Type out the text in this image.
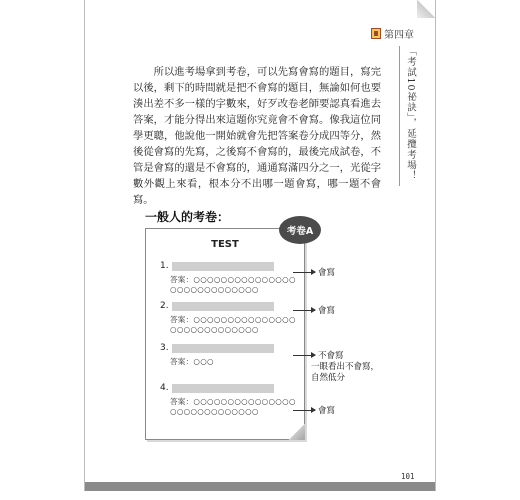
第四章
「考試10祕訣」，延攬考場！

所以進考場拿到考卷，可以先寫會寫的題目，寫完以後，剩下的時間就是把不會寫的題目，無論如何也要湊出差不多一樣的字數來，好歹改卷老師要認真看進去答案，才能分得出來這題你究竟會不會寫。像我這位同學更聰，他說他一開始就會先把答案卷分成四等分，然後從會寫的先寫，之後寫不會寫的，最後完成試卷，不管是會寫的還是不會寫的，通通寫滿四分之一，光從字數外觀上來看，根本分不出哪一題會寫，哪一題不會寫。

一般人的考卷：
考卷A
TEST
1.
答案：○○○○○○○○○○○○○○○○○○○○○○○○○○○○
2.
答案：○○○○○○○○○○○○○○○○○○○○○○○○○○○○
3.
答案：○○○
4.
答案：○○○○○○○○○○○○○○○○○○○○○○○○○○○○
會寫
會寫
不會寫
一眼看出不會寫，
自然低分
會寫
101
